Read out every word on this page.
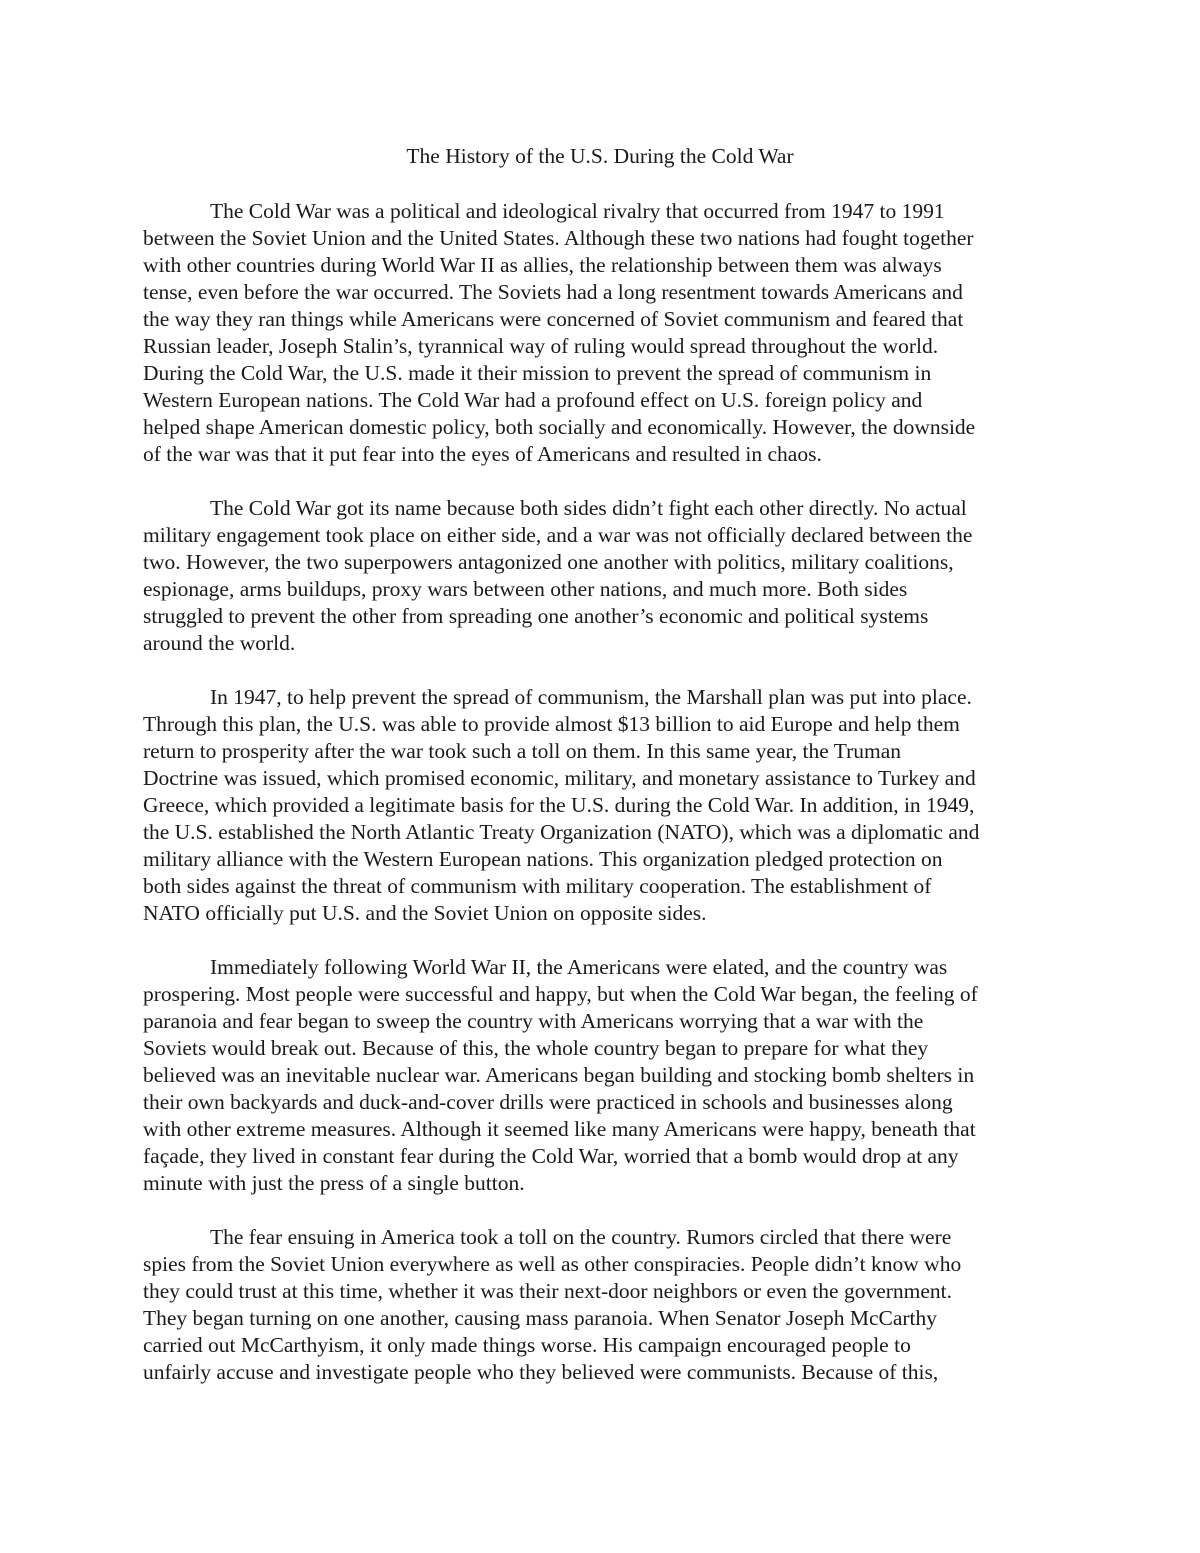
The History of the U.S. During the Cold War
The Cold War was a political and ideological rivalry that occurred from 1947 to 1991
between the Soviet Union and the United States. Although these two nations had fought together
with other countries during World War II as allies, the relationship between them was always
tense, even before the war occurred. The Soviets had a long resentment towards Americans and
the way they ran things while Americans were concerned of Soviet communism and feared that
Russian leader, Joseph Stalin’s, tyrannical way of ruling would spread throughout the world.
During the Cold War, the U.S. made it their mission to prevent the spread of communism in
Western European nations. The Cold War had a profound effect on U.S. foreign policy and
helped shape American domestic policy, both socially and economically. However, the downside
of the war was that it put fear into the eyes of Americans and resulted in chaos.
The Cold War got its name because both sides didn’t fight each other directly. No actual
military engagement took place on either side, and a war was not officially declared between the
two. However, the two superpowers antagonized one another with politics, military coalitions,
espionage, arms buildups, proxy wars between other nations, and much more. Both sides
struggled to prevent the other from spreading one another’s economic and political systems
around the world.
In 1947, to help prevent the spread of communism, the Marshall plan was put into place.
Through this plan, the U.S. was able to provide almost $13 billion to aid Europe and help them
return to prosperity after the war took such a toll on them. In this same year, the Truman
Doctrine was issued, which promised economic, military, and monetary assistance to Turkey and
Greece, which provided a legitimate basis for the U.S. during the Cold War. In addition, in 1949,
the U.S. established the North Atlantic Treaty Organization (NATO), which was a diplomatic and
military alliance with the Western European nations. This organization pledged protection on
both sides against the threat of communism with military cooperation. The establishment of
NATO officially put U.S. and the Soviet Union on opposite sides.
Immediately following World War II, the Americans were elated, and the country was
prospering. Most people were successful and happy, but when the Cold War began, the feeling of
paranoia and fear began to sweep the country with Americans worrying that a war with the
Soviets would break out. Because of this, the whole country began to prepare for what they
believed was an inevitable nuclear war. Americans began building and stocking bomb shelters in
their own backyards and duck-and-cover drills were practiced in schools and businesses along
with other extreme measures. Although it seemed like many Americans were happy, beneath that
façade, they lived in constant fear during the Cold War, worried that a bomb would drop at any
minute with just the press of a single button.
The fear ensuing in America took a toll on the country. Rumors circled that there were
spies from the Soviet Union everywhere as well as other conspiracies. People didn’t know who
they could trust at this time, whether it was their next-door neighbors or even the government.
They began turning on one another, causing mass paranoia. When Senator Joseph McCarthy
carried out McCarthyism, it only made things worse. His campaign encouraged people to
unfairly accuse and investigate people who they believed were communists. Because of this,
